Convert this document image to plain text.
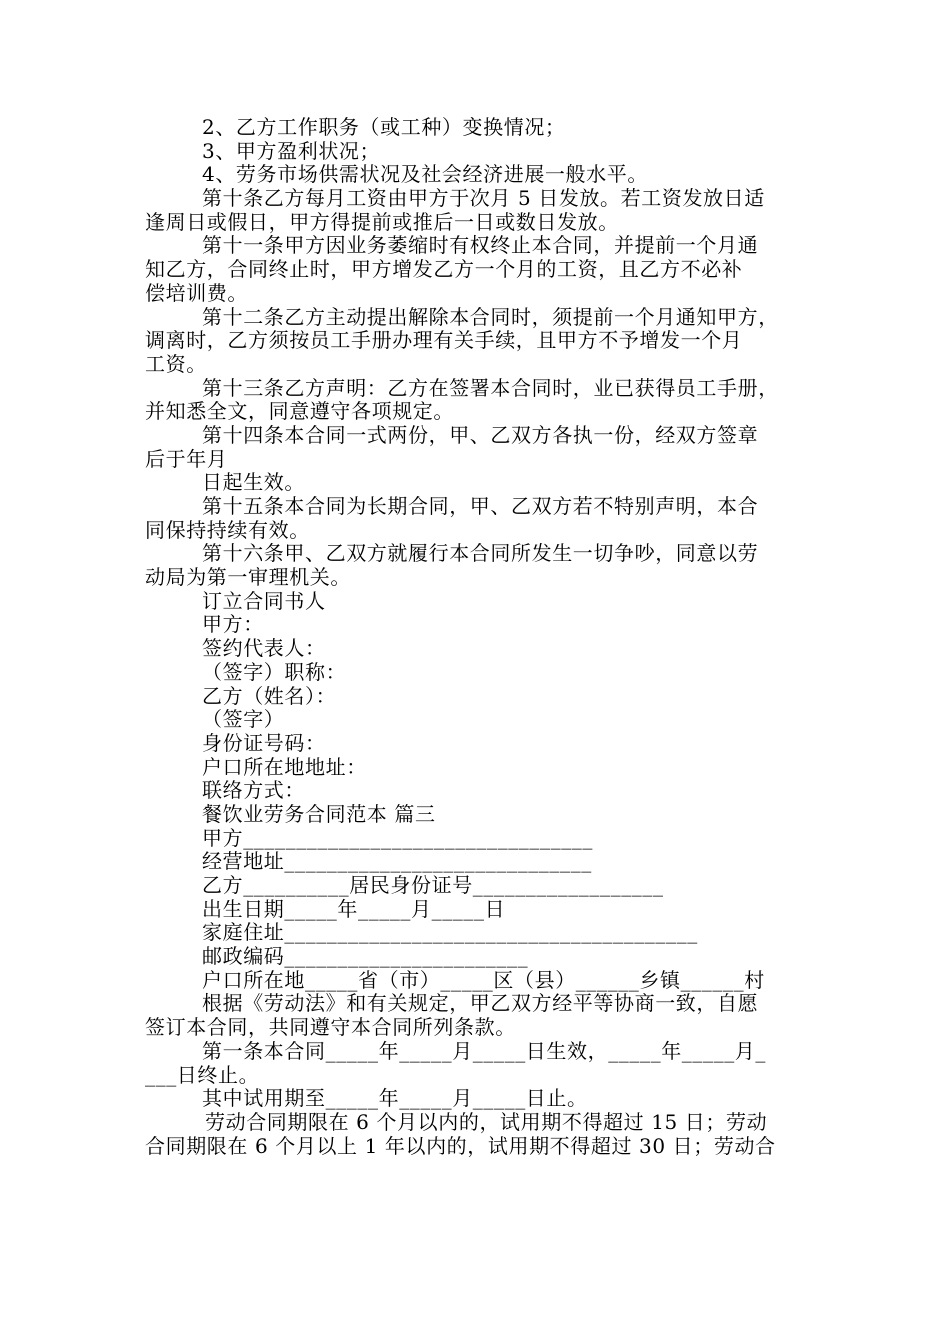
2、乙方工作职务（或工种）变换情况；
3、甲方盈利状况；
4、劳务市场供需状况及社会经济进展一般水平。
第十条乙方每月工资由甲方于次月 5 日发放。若工资发放日适
逢周日或假日，甲方得提前或推后一日或数日发放。
第十一条甲方因业务萎缩时有权终止本合同，并提前一个月通
知乙方，合同终止时，甲方增发乙方一个月的工资，且乙方不必补
偿培训费。
第十二条乙方主动提出解除本合同时，须提前一个月通知甲方，
调离时，乙方须按员工手册办理有关手续，且甲方不予增发一个月
工资。
第十三条乙方声明：乙方在签署本合同时，业已获得员工手册，
并知悉全文，同意遵守各项规定。
第十四条本合同一式两份，甲、乙双方各执一份，经双方签章
后于年月
日起生效。
第十五条本合同为长期合同，甲、乙双方若不特别声明，本合
同保持持续有效。
第十六条甲、乙双方就履行本合同所发生一切争吵，同意以劳
动局为第一审理机关。
订立合同书人
甲方：
签约代表人：
（签字）职称：
乙方（姓名）：
（签字）
身份证号码：
户口所在地地址：
联络方式：
餐饮业劳务合同范本 篇三
甲方_________________________________
经营地址_____________________________
乙方__________居民身份证号__________________
出生日期_____年_____月_____日
家庭住址_______________________________________
邮政编码_______________________
户口所在地_____省（市）_____区（县）______乡镇______村
根据《劳动法》和有关规定，甲乙双方经平等协商一致，自愿
签订本合同，共同遵守本合同所列条款。
第一条本合同_____年_____月_____日生效，_____年_____月_
___日终止。
其中试用期至_____年_____月_____日止。
劳动合同期限在 6 个月以内的，试用期不得超过 15 日；劳动
合同期限在 6 个月以上 1 年以内的，试用期不得超过 30 日；劳动合
